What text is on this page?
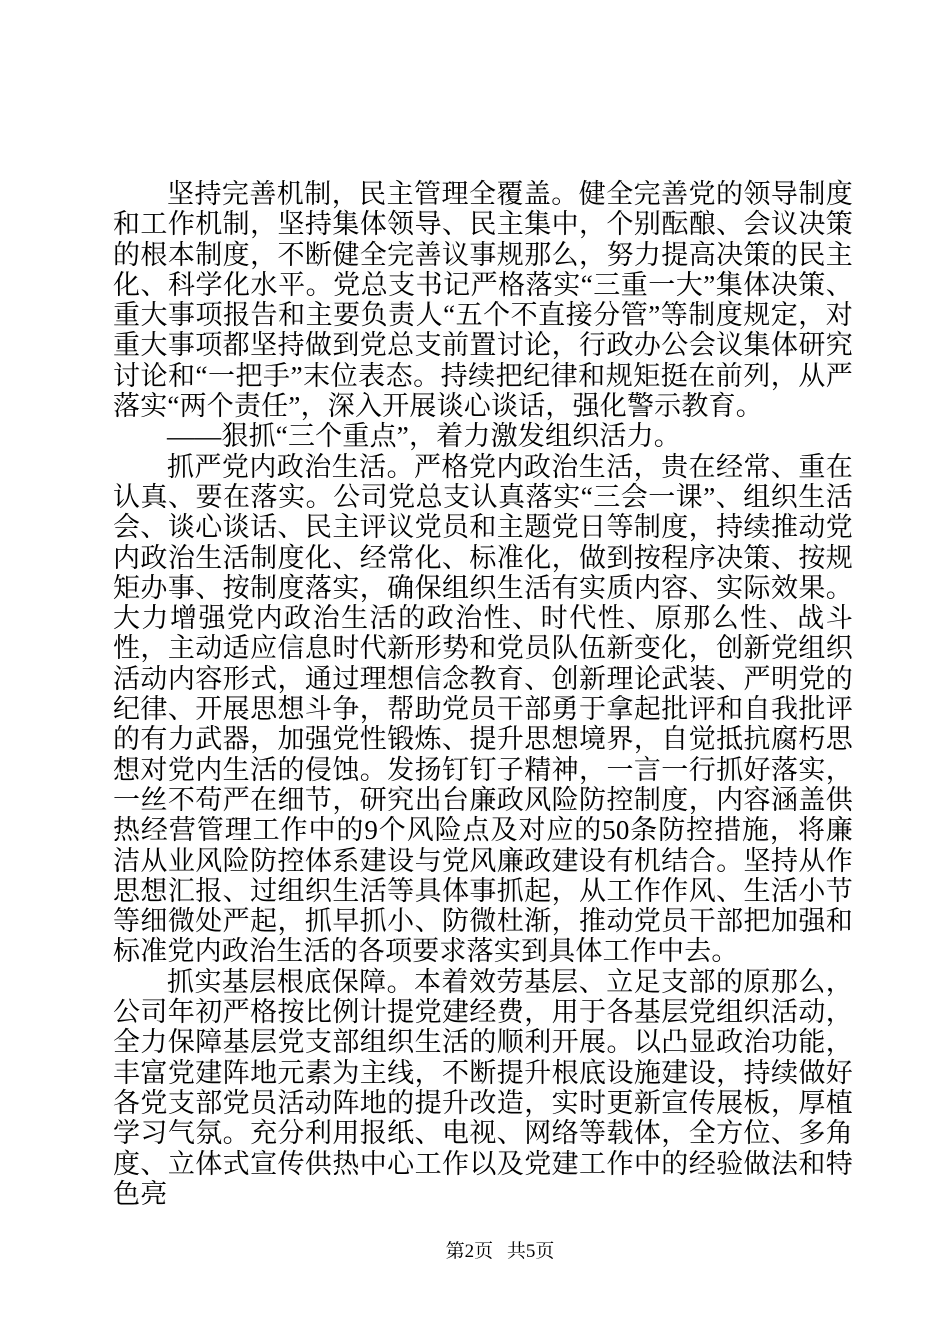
坚持完善机制，民主管理全覆盖。健全完善党的领导制度和工作机制，坚持集体领导、民主集中，个别酝酿、会议决策的根本制度，不断健全完善议事规那么，努力提高决策的民主化、科学化水平。党总支书记严格落实“三重一大”集体决策、重大事项报告和主要负责人“五个不直接分管”等制度规定，对重大事项都坚持做到党总支前置讨论，行政办公会议集体研究讨论和“一把手”末位表态。持续把纪律和规矩挺在前列，从严落实“两个责任”，深入开展谈心谈话，强化警示教育。

——狠抓“三个重点”，着力激发组织活力。

抓严党内政治生活。严格党内政治生活，贵在经常、重在认真、要在落实。公司党总支认真落实“三会一课”、组织生活会、谈心谈话、民主评议党员和主题党日等制度，持续推动党内政治生活制度化、经常化、标准化，做到按程序决策、按规矩办事、按制度落实，确保组织生活有实质内容、实际效果。大力增强党内政治生活的政治性、时代性、原那么性、战斗性，主动适应信息时代新形势和党员队伍新变化，创新党组织活动内容形式，通过理想信念教育、创新理论武装、严明党的纪律、开展思想斗争，帮助党员干部勇于拿起批评和自我批评的有力武器，加强党性锻炼、提升思想境界，自觉抵抗腐朽思想对党内生活的侵蚀。发扬钉钉子精神，一言一行抓好落实，一丝不苟严在细节，研究出台廉政风险防控制度，内容涵盖供热经营管理工作中的9个风险点及对应的50条防控措施，将廉洁从业风险防控体系建设与党风廉政建设有机结合。坚持从作思想汇报、过组织生活等具体事抓起，从工作作风、生活小节等细微处严起，抓早抓小、防微杜渐，推动党员干部把加强和标准党内政治生活的各项要求落实到具体工作中去。

抓实基层根底保障。本着效劳基层、立足支部的原那么，公司年初严格按比例计提党建经费，用于各基层党组织活动，全力保障基层党支部组织生活的顺利开展。以凸显政治功能，丰富党建阵地元素为主线，不断提升根底设施建设，持续做好各党支部党员活动阵地的提升改造，实时更新宣传展板，厚植学习气氛。充分利用报纸、电视、网络等载体，全方位、多角度、立体式宣传供热中心工作以及党建工作中的经验做法和特色亮

第2页 共5页
